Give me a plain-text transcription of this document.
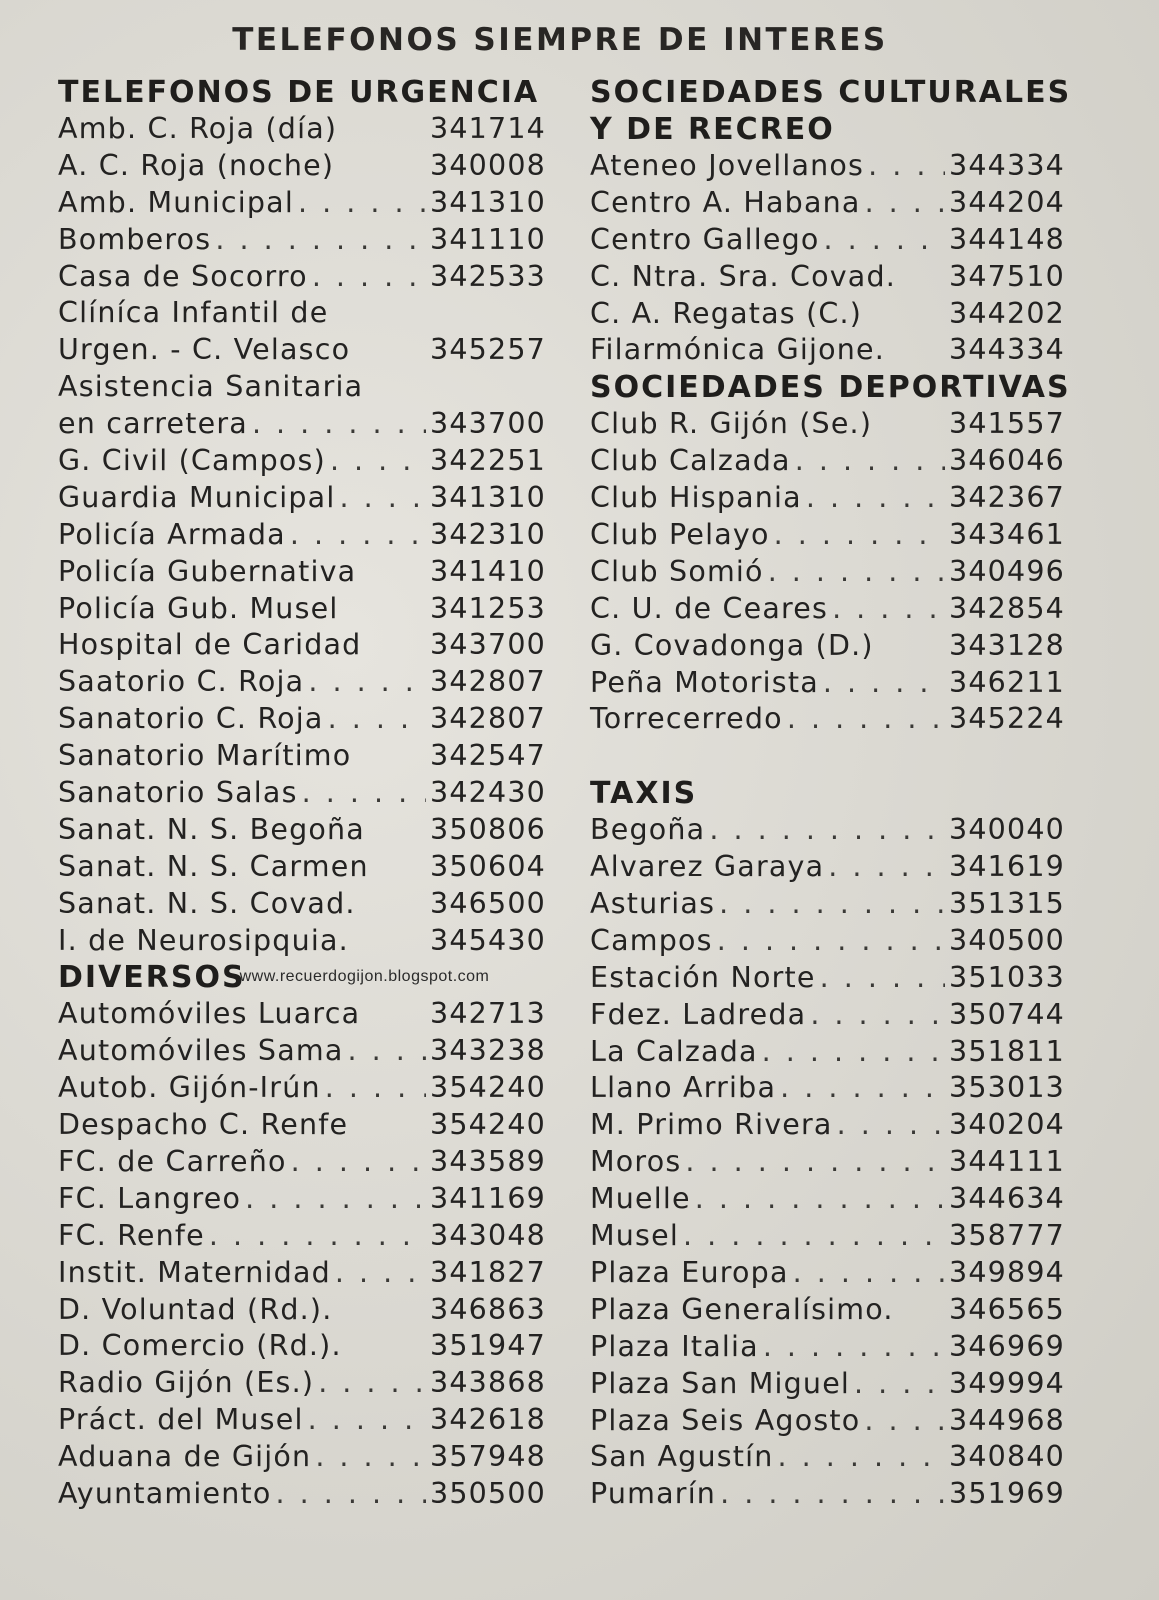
TELEFONOS SIEMPRE DE INTERES
TELEFONOS DE URGENCIA
Amb. C. Roja (día)	341714
A. C. Roja (noche)	340008
Amb. Municipal . . .	341310
Bomberos . . .	341110
Casa de Socorro . . .	342533
Clíníca Infantil de
Urgen. - C. Velasco	345257
Asistencia Sanitaria
en carretera . . .	343700
G. Civil (Campos) . . .	342251
Guardia Municipal . . .	341310
Policía Armada . . .	342310
Policía Gubernativa	341410
Policía Gub. Musel	341253
Hospital de Caridad 343700
Saatorio C. Roja . . .	342807
Sanatorio C. Roja . . .	342807
Sanatorio Marítimo	342547
Sanatorio Salas . . .	342430
Sanat. N. S. Begoña 350806
Sanat. N. S. Carmen 350604
Sanat. N. S. Covad.	346500
I. de Neurosipquia.	345430
DIVERSOS
www.recuerdogijon.blogspot.com
Automóviles Luarca 342713
Automóviles Sama . . .	343238
Autob. Gijón-Irún . . .	354240
Despacho C. Renfe	354240
FC. de Carreño . . .	343589
FC. Langreo . . .	341169
FC. Renfe . . .	343048
Instit. Maternidad . . .	341827
D. Voluntad (Rd.).	346863
D. Comercio (Rd.).	351947
Radio Gijón (Es.) . . .	343868
Práct. del Musel . . .	342618
Aduana de Gijón . . .	357948
Ayuntamiento . . .	350500
SOCIEDADES CULTURALES
Y DE RECREO
Ateneo Jovellanos . . .	344334
Centro A. Habana . . .	344204
Centro Gallego . . .	344148
C. Ntra. Sra. Covad. 347510
C. A. Regatas (C.)	344202
Filarmónica Gijone. 344334
SOCIEDADES DEPORTIVAS
Club R. Gijón (Se.)	341557
Club Calzada . . .	346046
Club Hispania . . .	342367
Club Pelayo . . .	343461
Club Somió . . .	340496
C. U. de Ceares . . .	342854
G. Covadonga (D.)	343128
Peña Motorista . . .	346211
Torrecerredo . . .	345224
TAXIS
Begoña . . .	340040
Alvarez Garaya . . .	341619
Asturias . . .	351315
Campos . . .	340500
Estación Norte . . .	351033
Fdez. Ladreda . . .	350744
La Calzada . . .	351811
Llano Arriba . . .	353013
M. Primo Rivera . . .	340204
Moros . . .	344111
Muelle . . .	344634
Musel . . .	358777
Plaza Europa . . .	349894
Plaza Generalísimo. 346565
Plaza Italia . . .	346969
Plaza San Miguel . . .	349994
Plaza Seis Agosto . . .	344968
San Agustín . . .	340840
Pumarín . . .	351969
